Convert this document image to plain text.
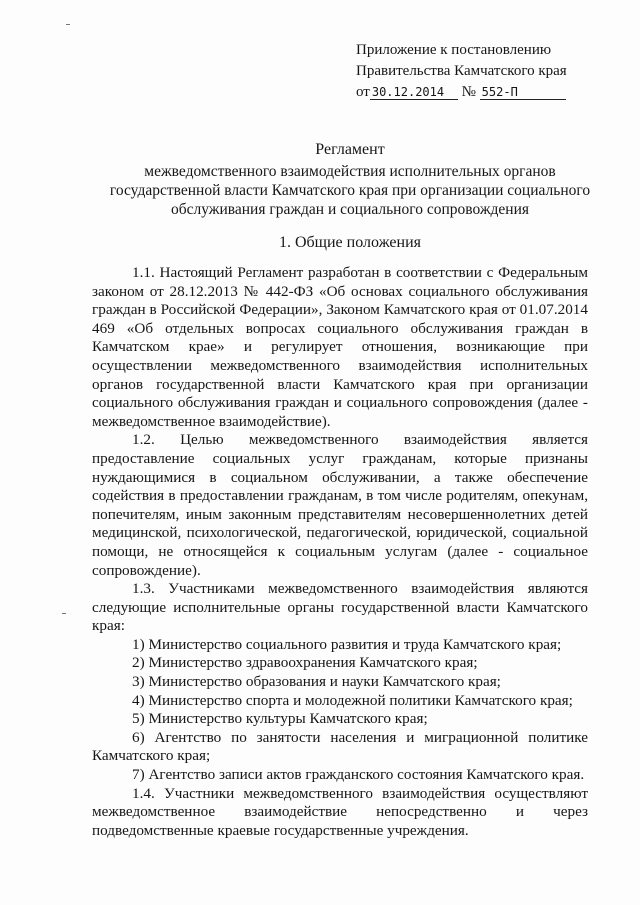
Приложение к постановлению
Правительства Камчатского края
от 30.12.2014 № 552-П
Регламент
межведомственного взаимодействия исполнительных органов
государственной власти Камчатского края при организации социального
обслуживания граждан и социального сопровождения
1. Общие положения

1.1. Настоящий Регламент разработан в соответствии с Федеральным законом от 28.12.2013 № 442-ФЗ «Об основах социального обслуживания граждан в Российской Федерации», Законом Камчатского края от 01.07.2014 469 «Об отдельных вопросах социального обслуживания граждан в Камчатском крае» и регулирует отношения, возникающие при осуществлении межведомственного взаимодействия исполнительных органов государственной власти Камчатского края при организации социального обслуживания граждан и социального сопровождения (далее - межведомственное взаимодействие).

1.2. Целью межведомственного взаимодействия является предоставление социальных услуг гражданам, которые признаны нуждающимися в социальном обслуживании, а также обеспечение содействия в предоставлении гражданам, в том числе родителям, опекунам, попечителям, иным законным представителям несовершеннолетних детей медицинской, психологической, педагогической, юридической, социальной помощи, не относящейся к социальным услугам (далее - социальное сопровождение).

1.3. Участниками межведомственного взаимодействия являются следующие исполнительные органы государственной власти Камчатского края:

1) Министерство социального развития и труда Камчатского края;

2) Министерство здравоохранения Камчатского края;

3) Министерство образования и науки Камчатского края;

4) Министерство спорта и молодежной политики Камчатского края;

5) Министерство культуры Камчатского края;

6) Агентство по занятости населения и миграционной политике Камчатского края;

7) Агентство записи актов гражданского состояния Камчатского края.

1.4. Участники межведомственного взаимодействия осуществляют межведомственное взаимодействие непосредственно и через подведомственные краевые государственные учреждения.
